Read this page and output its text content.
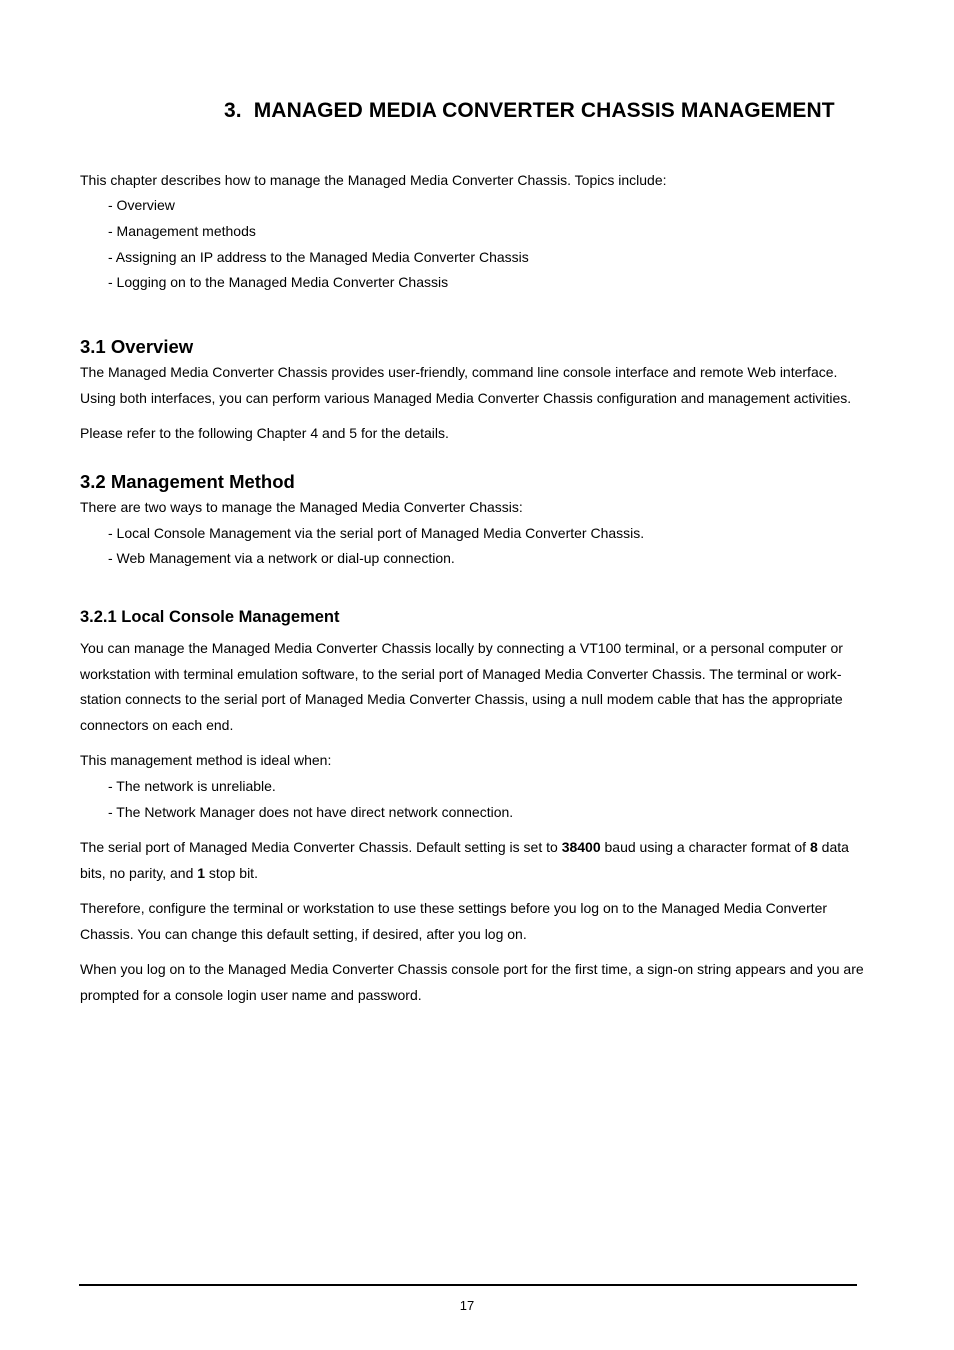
3. MANAGED MEDIA CONVERTER CHASSIS MANAGEMENT
This chapter describes how to manage the Managed Media Converter Chassis. Topics include:
- Overview
- Management methods
- Assigning an IP address to the Managed Media Converter Chassis
- Logging on to the Managed Media Converter Chassis
3.1 Overview
The Managed Media Converter Chassis provides user-friendly, command line console interface and remote Web interface.
Using both interfaces, you can perform various Managed Media Converter Chassis configuration and management activities.
Please refer to the following Chapter 4 and 5 for the details.
3.2 Management Method
There are two ways to manage the Managed Media Converter Chassis:
- Local Console Management via the serial port of Managed Media Converter Chassis.
- Web Management via a network or dial-up connection.
3.2.1 Local Console Management
You can manage the Managed Media Converter Chassis locally by connecting a VT100 terminal, or a personal computer or
workstation with terminal emulation software, to the serial port of Managed Media Converter Chassis. The terminal or work-
station connects to the serial port of Managed Media Converter Chassis, using a null modem cable that has the appropriate
connectors on each end.
This management method is ideal when:
- The network is unreliable.
- The Network Manager does not have direct network connection.
The serial port of Managed Media Converter Chassis. Default setting is set to 38400 baud using a character format of 8 data
bits, no parity, and 1 stop bit.
Therefore, configure the terminal or workstation to use these settings before you log on to the Managed Media Converter
Chassis. You can change this default setting, if desired, after you log on.
When you log on to the Managed Media Converter Chassis console port for the first time, a sign-on string appears and you are
prompted for a console login user name and password.
17
